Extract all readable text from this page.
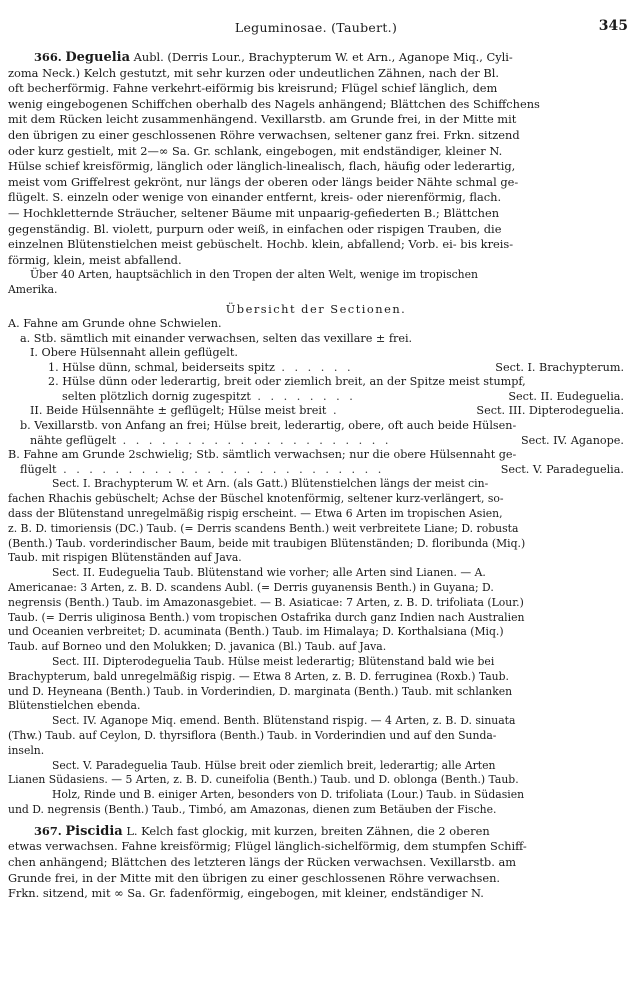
Leguminosae. (Taubert.)	345
366. Deguelia Aubl. (Derris Lour., Brachypterum W. et Arn., Aganope Miq., Cyli-
zoma Neck.) Kelch gestutzt, mit sehr kurzen oder undeutlichen Zähnen, nach der Bl.
oft becherförmig. Fahne verkehrt-eiförmig bis kreisrund; Flügel schief länglich, dem
wenig eingebogenen Schiffchen oberhalb des Nagels anhängend; Blättchen des Schiffchens
mit dem Rücken leicht zusammenhängend. Vexillarstb. am Grunde frei, in der Mitte mit
den übrigen zu einer geschlossenen Röhre verwachsen, seltener ganz frei. Frkn. sitzend
oder kurz gestielt, mit 2—∞ Sa. Gr. schlank, eingebogen, mit endständiger, kleiner N.
Hülse schief kreisförmig, länglich oder länglich-linealisch, flach, häufig oder lederartig,
meist vom Griffelrest gekrönt, nur längs der oberen oder längs beider Nähte schmal ge-
flügelt. S. einzeln oder wenige von einander entfernt, kreis- oder nierenförmig, flach.
— Hochkletternde Sträucher, seltener Bäume mit unpaarig-gefiederten B.; Blättchen
gegenständig. Bl. violett, purpurn oder weiß, in einfachen oder rispigen Trauben, die
einzelnen Blütenstielchen meist gebüschelt. Hochb. klein, abfallend; Vorb. ei- bis kreis-
förmig, klein, meist abfallend.
Über 40 Arten, hauptsächlich in den Tropen der alten Welt, wenige im tropischen
Amerika.
Übersicht der Sectionen.
A. Fahne am Grunde ohne Schwielen.
a. Stb. sämtlich mit einander verwachsen, selten das vexillare ± frei.
I. Obere Hülsennaht allein geflügelt.
1. Hülse dünn, schmal, beiderseits spitz . . . . . .	Sect. I. Brachypterum.
2. Hülse dünn oder lederartig, breit oder ziemlich breit, an der Spitze meist stumpf,
selten plötzlich dornig zugespitzt . . . . . . . .	Sect. II. Eudeguelia.
II. Beide Hülsennähte ± geflügelt; Hülse meist breit .	Sect. III. Dipterodeguelia.
b. Vexillarstb. von Anfang an frei; Hülse breit, lederartig, obere, oft auch beide Hülsen-
nähte geflügelt . . . . . . . . . . . . . . . . . . . . .	Sect. IV. Aganope.
B. Fahne am Grunde 2schwielig; Stb. sämtlich verwachsen; nur die obere Hülsennaht ge-
flügelt . . . . . . . . . . . . . . . . . . . . . . . . .	Sect. V. Paradeguelia.
Sect. I. Brachypterum W. et Arn. (als Gatt.) Blütenstielchen längs der meist cin-
fachen Rhachis gebüschelt; Achse der Büschel knotenförmig, seltener kurz-verlängert, so-
dass der Blütenstand unregelmäßig rispig erscheint. — Etwa 6 Arten im tropischen Asien,
z. B. D. timoriensis (DC.) Taub. (= Derris scandens Benth.) weit verbreitete Liane; D. robusta
(Benth.) Taub. vorderindischer Baum, beide mit traubigen Blütenständen; D. floribunda (Miq.)
Taub. mit rispigen Blütenständen auf Java.
Sect. II. Eudeguelia Taub. Blütenstand wie vorher; alle Arten sind Lianen. — A.
Americanae: 3 Arten, z. B. D. scandens Aubl. (= Derris guyanensis Benth.) in Guyana; D.
negrensis (Benth.) Taub. im Amazonasgebiet. — B. Asiaticae: 7 Arten, z. B. D. trifoliata (Lour.)
Taub. (= Derris uliginosa Benth.) vom tropischen Ostafrika durch ganz Indien nach Australien
und Oceanien verbreitet; D. acuminata (Benth.) Taub. im Himalaya; D. Korthalsiana (Miq.)
Taub. auf Borneo und den Molukken; D. javanica (Bl.) Taub. auf Java.
Sect. III. Dipterodeguelia Taub. Hülse meist lederartig; Blütenstand bald wie bei
Brachypterum, bald unregelmäßig rispig. — Etwa 8 Arten, z. B. D. ferruginea (Roxb.) Taub.
und D. Heyneana (Benth.) Taub. in Vorderindien, D. marginata (Benth.) Taub. mit schlanken
Blütenstielchen ebenda.
Sect. IV. Aganope Miq. emend. Benth. Blütenstand rispig. — 4 Arten, z. B. D. sinuata
(Thw.) Taub. auf Ceylon, D. thyrsiflora (Benth.) Taub. in Vorderindien und auf den Sunda-
inseln.
Sect. V. Paradeguelia Taub. Hülse breit oder ziemlich breit, lederartig; alle Arten
Lianen Südasiens. — 5 Arten, z. B. D. cuneifolia (Benth.) Taub. und D. oblonga (Benth.) Taub.
Holz, Rinde und B. einiger Arten, besonders von D. trifoliata (Lour.) Taub. in Südasien
und D. negrensis (Benth.) Taub., Timbó, am Amazonas, dienen zum Betäuben der Fische.
367. Piscidia L. Kelch fast glockig, mit kurzen, breiten Zähnen, die 2 oberen
etwas verwachsen. Fahne kreisförmig; Flügel länglich-sichelförmig, dem stumpfen Schiff-
chen anhängend; Blättchen des letzteren längs der Rücken verwachsen. Vexillarstb. am
Grunde frei, in der Mitte mit den übrigen zu einer geschlossenen Röhre verwachsen.
Frkn. sitzend, mit ∞ Sa. Gr. fadenförmig, eingebogen, mit kleiner, endständiger N.
